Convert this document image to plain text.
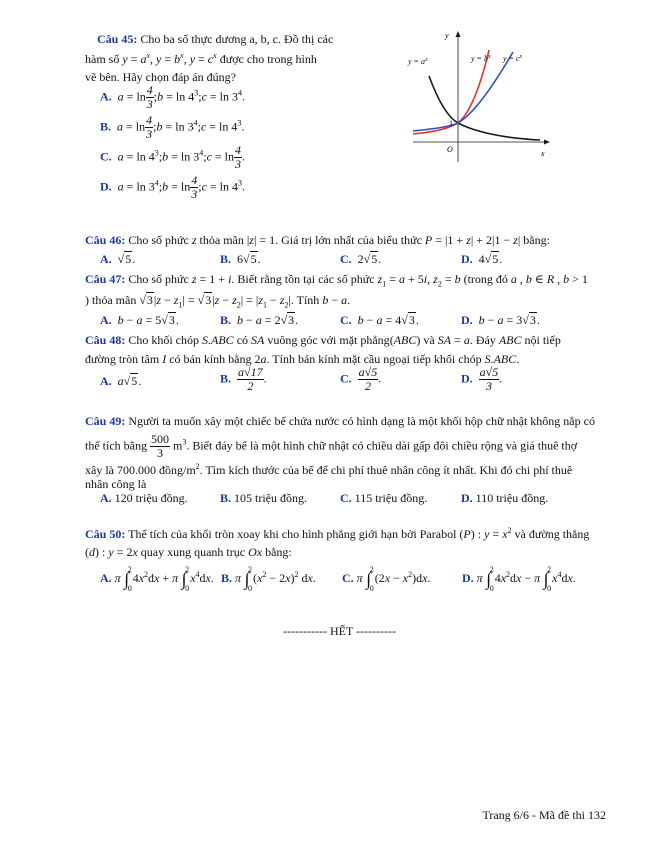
Câu 45: Cho ba số thực dương a, b, c. Đồ thị các
hàm số $y = a^x$, $y = b^x$, $y = c^x$ được cho trong hình
vẽ bên. Hãy chọn đáp án đúng?
A. $a = \ln \frac{4}{3}$ ;b = $\ln 4^3;c = \ln 3^4$.
B. $a = \ln \frac{4}{3}$ ;b = $\ln 3^4;c = \ln 4^3$.
C. $a = \ln 4^3;b = \ln$ $3^4;c = \ln \frac{4}{3}$ .
D. $a = \ln 3^4;b = \ln \frac{4}{3}$ ;c = $\ln 4^3$.
$y = a^x$	$y = b^x$ $y = c^x$
y
x
O
1
Câu 46: Cho số phức z thỏa mãn |z| = 1. Giá trị lớn nhất của biểu thức P = |1 + z| + 2|1 − z| bằng:
A.  √5.	B.  6√5.	C.  2√5.	D.  4√5.
Câu 47: Cho số phức z = 1 + i. Biết rằng tồn tại các số phức $z_1 = a + 5i$, $z_2 = b$ (trong đó a , b ∈ R , b > 1
) thỏa mãn $√3|z - z_1| = √3|z - z_2| = |z_1 - z_2|$. Tính b − a.
A. b − a = 5√3.	B. b − a = 2√3.	C. b − a = 4√3.	D. b − a = 3√3.
Câu 48: Cho khối chóp S.ABC có SA vuông góc với mặt phẳng(ABC) và SA = a. Đáy ABC nội tiếp
đường tròn tâm I có bán kính bằng 2a. Tính bán kính mặt cầu ngoại tiếp khối chóp S.ABC.
A. a√5.	B. $\frac{a√17}{2}$ .	C. $\frac{a√5}{2}$ .	D. $\frac{a√5}{3}$ .
Câu 49: Người ta muốn xây một chiếc bể chứa nước có hình dạng là một khối hộp chữ nhật không nắp có
thể tích bằng $\frac{500}{3} m^3$. Biết đáy bể là một hình chữ nhật có chiều dài gấp đôi chiều rộng và giá thuê thợ
xây là 700.000 đồng/$m^2$. Tìm kích thước của bể để chi phí thuê nhân công ít nhất. Khi đó chi phí thuê
nhân công là
A. 120 triệu đồng.	B. 105 triệu đồng.	C. 115 triệu đồng.	D. 110 triệu đồng.
Câu 50: Thể tích của khối tròn xoay khi cho hình phẳng giới hạn bởi Parabol (P) : $y = x^2$ và đường thẳng
(d) : y = 2x quay xung quanh trục Ox bằng:
A. π ∫
2
0
$4x^2dx + \pi$ ∫
2
0
$x^4dx$. B. π ∫
2
0
$(x^2 - 2x)^2$ dx. C. π ∫
2
0
$(2x - x^2)dx$.	D. π ∫
2
0
$4x^2dx - \pi$ ∫
2
0
$x^4dx$.
----------- HẾT ----------
Trang 6/6 - Mã đề thi 132
